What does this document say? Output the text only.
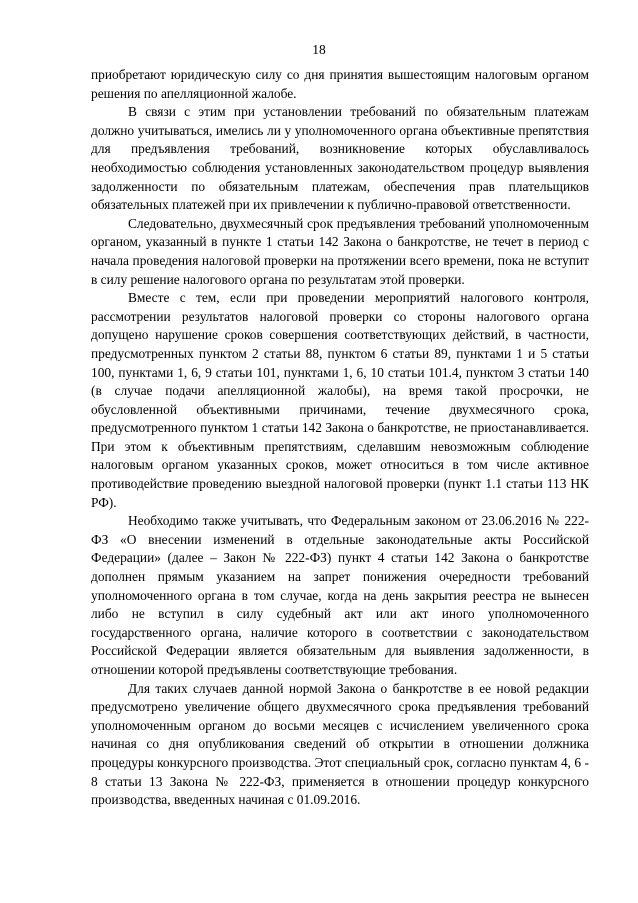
18

приобретают юридическую силу со дня принятия вышестоящим налоговым органом решения по апелляционной жалобе.

В связи с этим при установлении требований по обязательным платежам должно учитываться, имелись ли у уполномоченного органа объективные препятствия для предъявления требований, возникновение которых обуславливалось необходимостью соблюдения установленных законодательством процедур выявления задолженности по обязательным платежам, обеспечения прав плательщиков обязательных платежей при их привлечении к публично-правовой ответственности.

Следовательно, двухмесячный срок предъявления требований уполномоченным органом, указанный в пункте 1 статьи 142 Закона о банкротстве, не течет в период с начала проведения налоговой проверки на протяжении всего времени, пока не вступит в силу решение налогового органа по результатам этой проверки.

Вместе с тем, если при проведении мероприятий налогового контроля, рассмотрении результатов налоговой проверки со стороны налогового органа допущено нарушение сроков совершения соответствующих действий, в частности, предусмотренных пунктом 2 статьи 88, пунктом 6 статьи 89, пунктами 1 и 5 статьи 100, пунктами 1, 6, 9 статьи 101, пунктами 1, 6, 10 статьи 101.4, пунктом 3 статьи 140 (в случае подачи апелляционной жалобы), на время такой просрочки, не обусловленной объективными причинами, течение двухмесячного срока, предусмотренного пунктом 1 статьи 142 Закона о банкротстве, не приостанавливается. При этом к объективным препятствиям, сделавшим невозможным соблюдение налоговым органом указанных сроков, может относиться в том числе активное противодействие проведению выездной налоговой проверки (пункт 1.1 статьи 113 НК РФ).

Необходимо также учитывать, что Федеральным законом от 23.06.2016 № 222-ФЗ «О внесении изменений в отдельные законодательные акты Российской Федерации» (далее – Закон № 222-ФЗ) пункт 4 статьи 142 Закона о банкротстве дополнен прямым указанием на запрет понижения очередности требований уполномоченного органа в том случае, когда на день закрытия реестра не вынесен либо не вступил в силу судебный акт или акт иного уполномоченного государственного органа, наличие которого в соответствии с законодательством Российской Федерации является обязательным для выявления задолженности, в отношении которой предъявлены соответствующие требования.

Для таких случаев данной нормой Закона о банкротстве в ее новой редакции предусмотрено увеличение общего двухмесячного срока предъявления требований уполномоченным органом до восьми месяцев с исчислением увеличенного срока начиная со дня опубликования сведений об открытии в отношении должника процедуры конкурсного производства. Этот специальный срок, согласно пунктам 4, 6 - 8 статьи 13 Закона № 222-ФЗ, применяется в отношении процедур конкурсного производства, введенных начиная с 01.09.2016.
